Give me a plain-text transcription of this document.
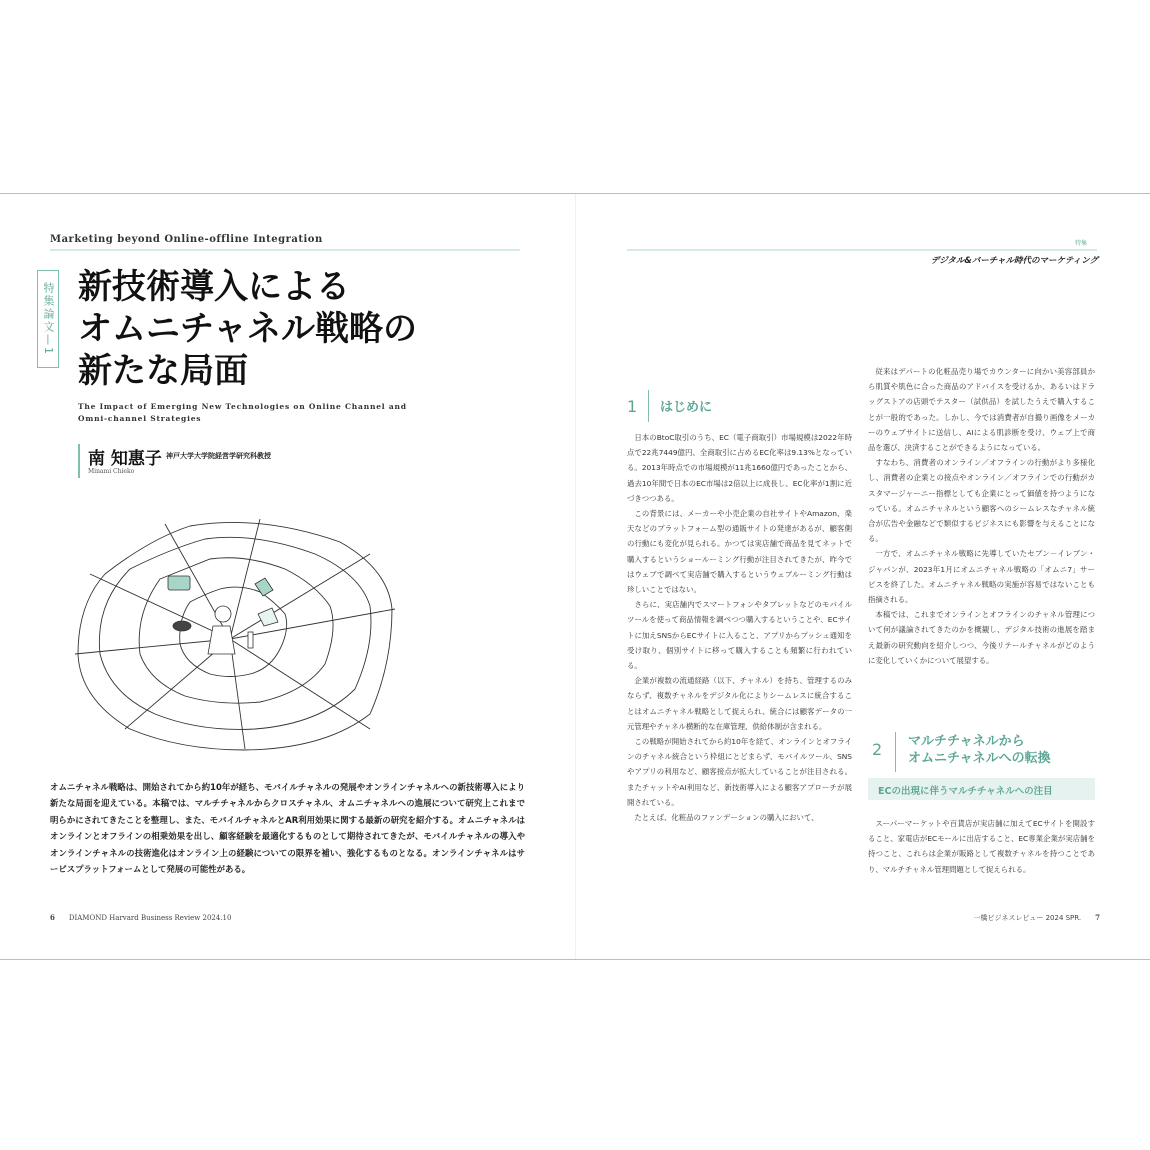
Marketing beyond Online-offline Integration
特集論文—1 新技術導入による
オムニチャネル戦略の
新たな局面
The Impact of Emerging New Technologies on Online Channel and Omni-channel Strategies
南 知惠子 神戸大学大学院経営学研究科教授
Minami Chieko
オムニチャネル戦略は、開始されてから約10年が経ち、モバイルチャネルの発展やオンラインチャネルへの新技術導入により新たな局面を迎えている。本稿では、マルチチャネルからクロスチャネル、オムニチャネルへの進展について研究上これまで明らかにされてきたことを整理し、また、モバイルチャネルとAR利用効果に関する最新の研究を紹介する。オムニチャネルはオンラインとオフラインの相乗効果を出し、顧客経験を最適化するものとして期待されてきたが、モバイルチャネルの導入やオンラインチャネルの技術進化はオンライン上の経験についての限界を補い、強化するものとなる。オンラインチャネルはサービスプラットフォームとして発展の可能性がある。
6 DIAMOND Harvard Business Review 2024.10
特集
デジタル&バーチャル時代のマーケティング
1 はじめに

日本のBtoC取引のうち、EC（電子商取引）市場規模は2022年時点で22兆7449億円、全商取引に占めるEC化率は9.13%となっている。2013年時点での市場規模が11兆1660億円であったことから、過去10年間で日本のEC市場は2倍以上に成長し、EC化率が1割に近づきつつある。

この背景には、メーカーや小売企業の自社サイトやAmazon、楽天などのプラットフォーム型の通販サイトの発達があるが、顧客側の行動にも変化が見られる。かつては実店舗で商品を見てネットで購入するというショールーミング行動が注目されてきたが、昨今ではウェブで調べて実店舗で購入するというウェブルーミング行動は珍しいことではない。

さらに、実店舗内でスマートフォンやタブレットなどのモバイルツールを使って商品情報を調べつつ購入するということや、ECサイトに加えSNSからECサイトに入ること、アプリからプッシュ通知を受け取り、個別サイトに移って購入することも頻繁に行われている。

企業が複数の流通経路（以下、チャネル）を持ち、管理するのみならず、複数チャネルをデジタル化によりシームレスに統合することはオムニチャネル戦略として捉えられ、統合には顧客データの一元管理やチャネル横断的な在庫管理、供給体制が含まれる。

この戦略が開始されてから約10年を経て、オンラインとオフラインのチャネル統合という枠組にとどまらず、モバイルツール、SNSやアプリの利用など、顧客接点が拡大していることが注目される。またチャットやAI利用など、新技術導入による顧客アプローチが展開されている。

たとえば、化粧品のファンデーションの購入において、

従来はデパートの化粧品売り場でカウンターに向かい美容部員から肌質や肌色に合った商品のアドバイスを受けるか、あるいはドラッグストアの店頭でテスター（試供品）を試したうえで購入することが一般的であった。しかし、今では消費者が自撮り画像をメーカーのウェブサイトに送信し、AIによる肌診断を受け、ウェブ上で商品を選び、決済することができるようになっている。

すなわち、消費者のオンライン／オフラインの行動がより多様化し、消費者の企業との接点やオンライン／オフラインでの行動がカスタマージャーニー指標としても企業にとって価値を持つようになっている。オムニチャネルという顧客へのシームレスなチャネル統合が広告や金融などで類似するビジネスにも影響を与えることになる。

一方で、オムニチャネル戦略に先導していたセブン－イレブン・ジャパンが、2023年1月にオムニチャネル戦略の「オムニ7」サービスを終了した。オムニチャネル戦略の実施が容易ではないことも指摘される。

本稿では、これまでオンラインとオフラインのチャネル管理について何が議論されてきたのかを概観し、デジタル技術の進展を踏まえ最新の研究動向を紹介しつつ、今後リテールチャネルがどのように変化していくかについて展望する。

2 マルチチャネルから
オムニチャネルへの転換
ECの出現に伴うマルチチャネルへの注目

スーパーマーケットや百貨店が実店舗に加えてECサイトを開設すること、家電店がECモールに出店すること、EC専業企業が実店舗を持つこと、これらは企業が販路として複数チャネルを持つことであり、マルチチャネル管理問題として捉えられる。

一橋ビジネスレビュー 2024 SPR. 7
